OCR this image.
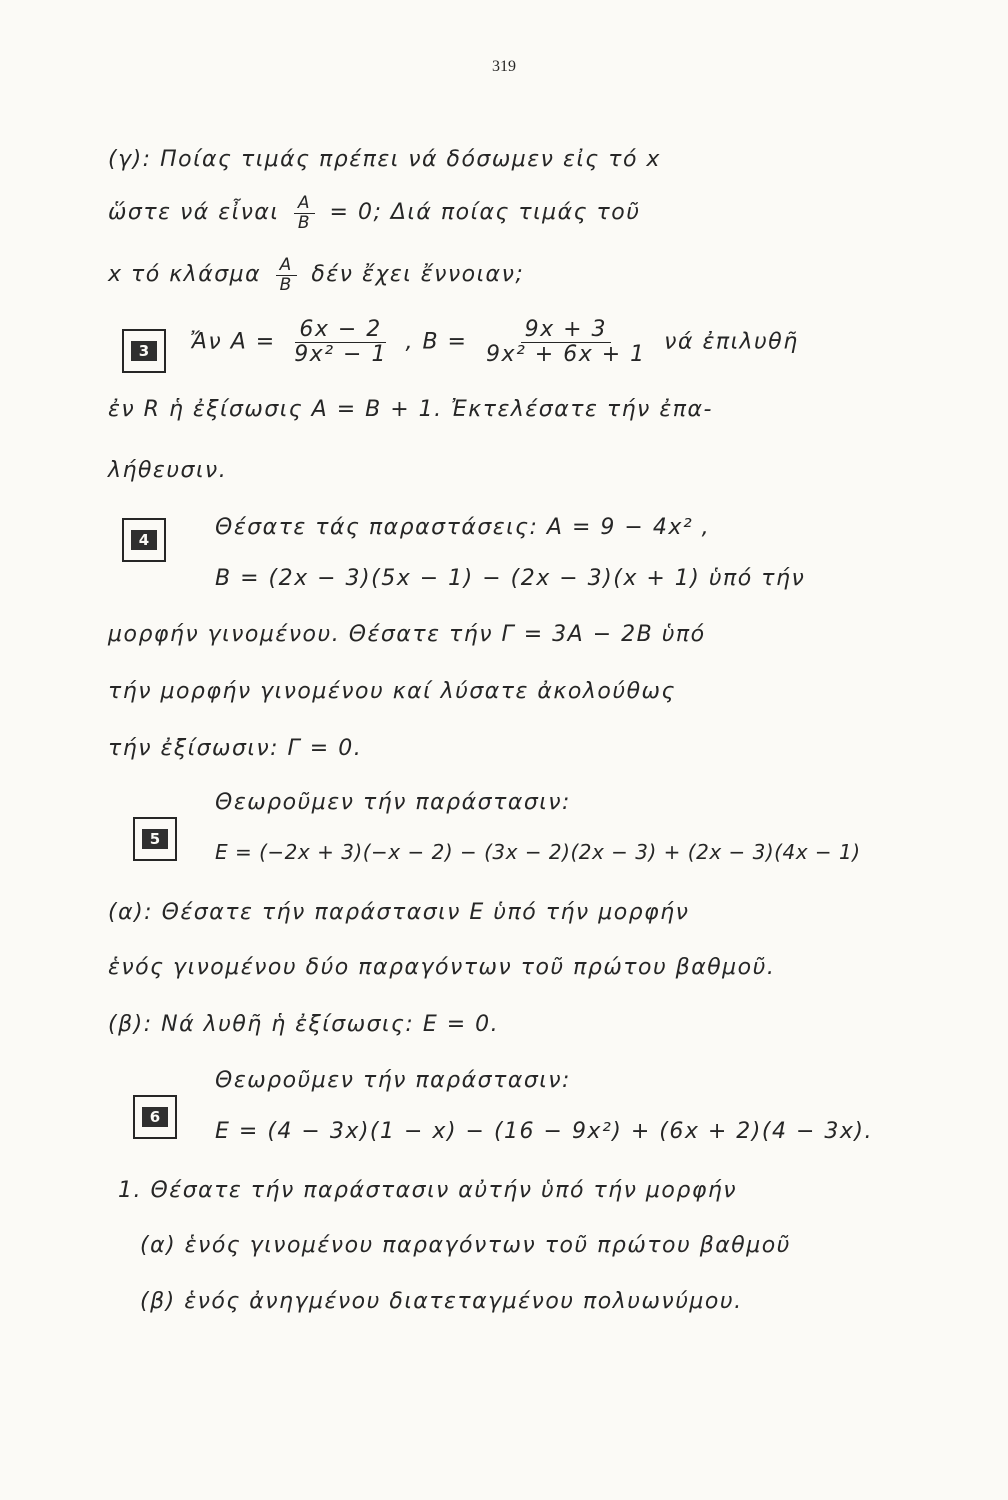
319
(γ): Ποίας τιμάς πρέπει νά δόσωμεν εἰς τό x
ὥστε νά εἶναι $\frac{A}{B} = 0$; Διά ποίας τιμάς τοῦ
x τό κλάσμα $\frac{A}{B}$ δέν ἔχει ἔννοιαν;
3	Ἄν $A = \frac{6x - 2}{\text{9x² − 1}}$ , $B = \frac{9x + 3}{\text{9x² + 6x + 1}}$ νά ἐπιλυθῆ
ἐν R ἡ ἐξίσωσις A = B + 1. Ἐκτελέσατε τήν ἐπα-
λήθευσιν.
4	Θέσατε τάς παραστάσεις: A = 9 − 4x² ,
B = (2x − 3)(5x − 1) − (2x − 3)(x + 1) ὑπό τήν
μορφήν γινομένου. Θέσατε τήν Γ = 3A − 2B ὑπό
τήν μορφήν γινομένου καί λύσατε ἀκολούθως
τήν ἐξίσωσιν: Γ = 0.
Θεωροῦμεν τήν παράστασιν:
5
E = (−2x + 3)(−x − 2) − (3x − 2)(2x − 3) + (2x − 3)(4x − 1)
(α): Θέσατε τήν παράστασιν E ὑπό τήν μορφήν
ἑνός γινομένου δύο παραγόντων τοῦ πρώτου βαθμοῦ.
(β): Νά λυθῆ ἡ ἐξίσωσις: E = 0.
Θεωροῦμεν τήν παράστασιν:
6
E = (4 − 3x)(1 − x) − (16 − 9x²) + (6x + 2)(4 − 3x).
1. Θέσατε τήν παράστασιν αὐτήν ὑπό τήν μορφήν
(α) ἑνός γινομένου παραγόντων τοῦ πρώτου βαθμοῦ
(β) ἑνός ἀνηγμένου διατεταγμένου πολυωνύμου.
